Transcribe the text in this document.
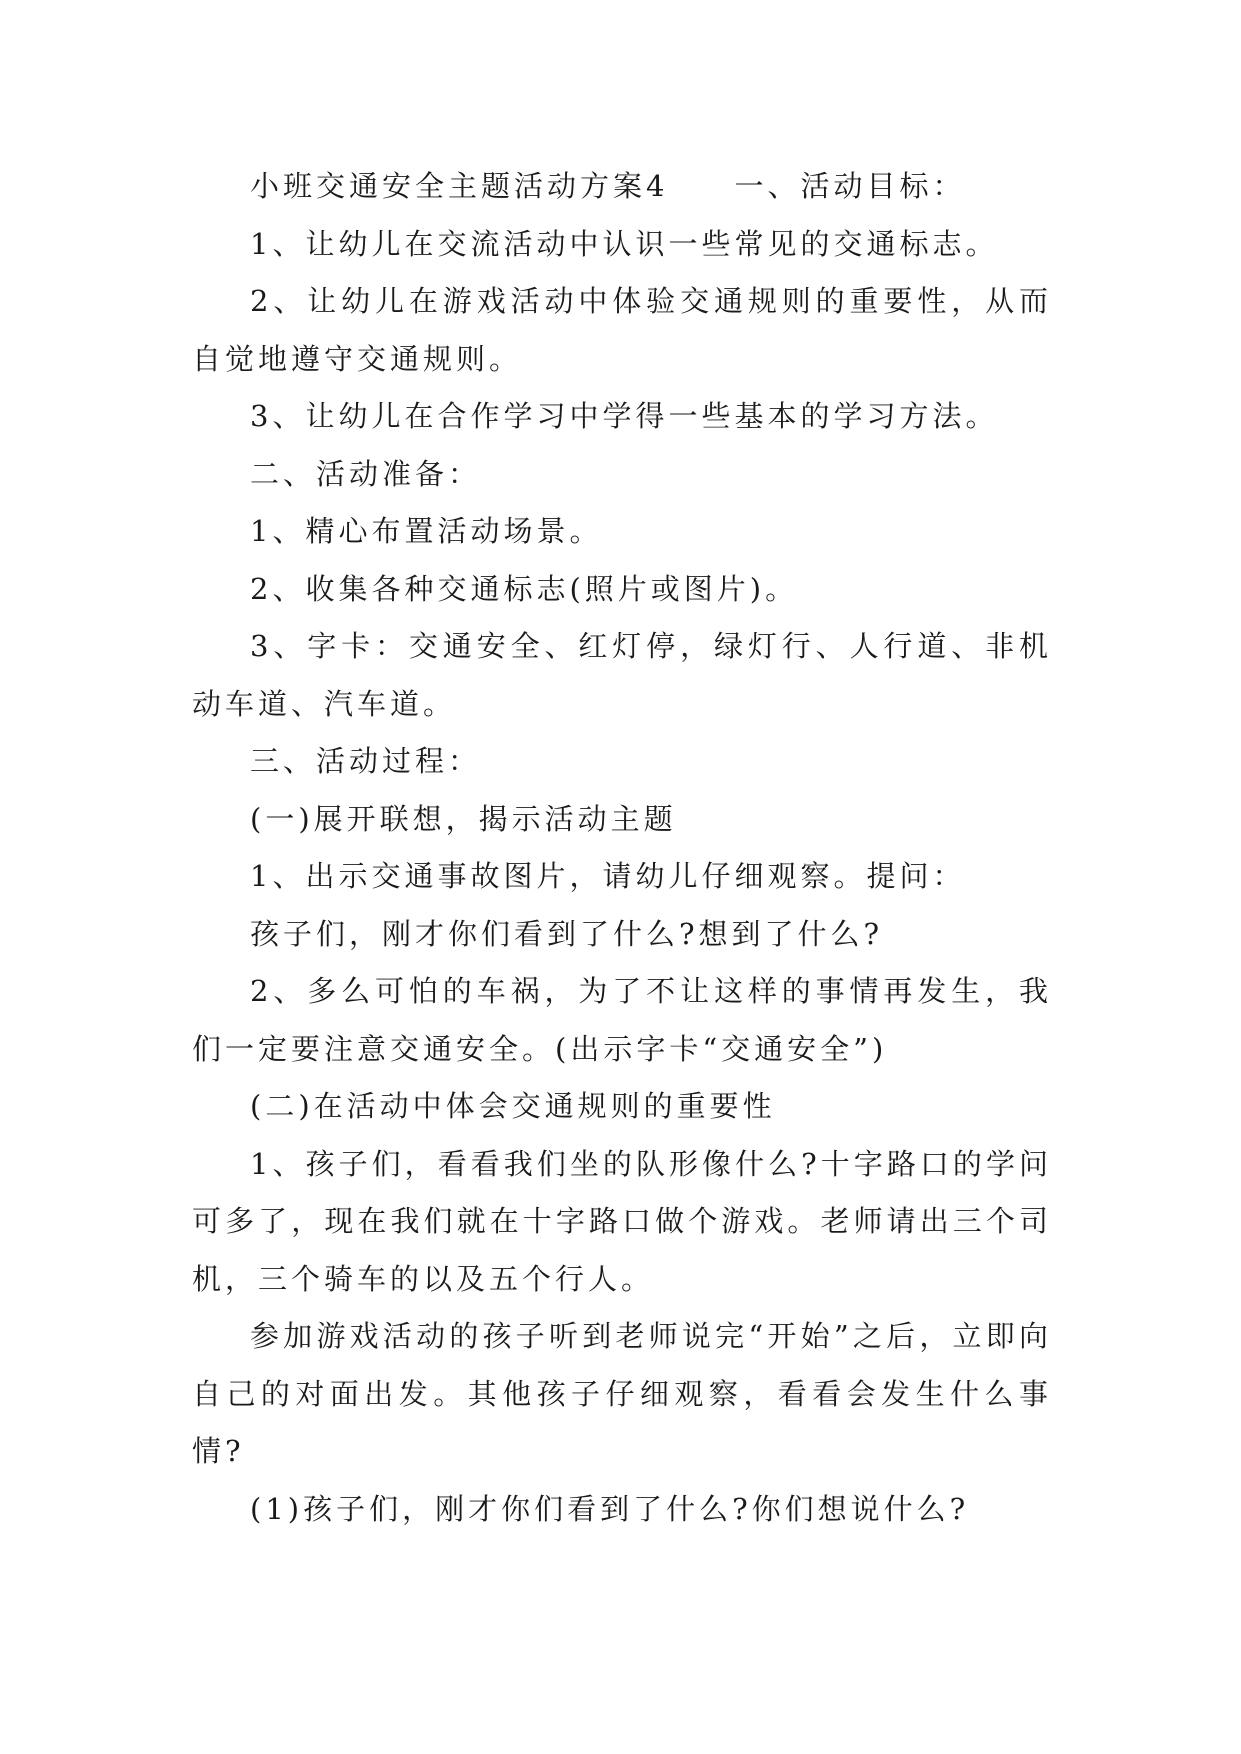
小班交通安全主题活动方案4　　一、活动目标：

1、让幼儿在交流活动中认识一些常见的交通标志。

2、让幼儿在游戏活动中体验交通规则的重要性，从而自觉地遵守交通规则。

3、让幼儿在合作学习中学得一些基本的学习方法。

二、活动准备：

1、精心布置活动场景。

2、收集各种交通标志(照片或图片)。

3、字卡：交通安全、红灯停，绿灯行、人行道、非机动车道、汽车道。

三、活动过程：

(一)展开联想，揭示活动主题

1、出示交通事故图片，请幼儿仔细观察。提问：

孩子们，刚才你们看到了什么?想到了什么?

2、多么可怕的车祸，为了不让这样的事情再发生，我们一定要注意交通安全。(出示字卡“交通安全”)

(二)在活动中体会交通规则的重要性

1、孩子们，看看我们坐的队形像什么?十字路口的学问可多了，现在我们就在十字路口做个游戏。老师请出三个司机，三个骑车的以及五个行人。

参加游戏活动的孩子听到老师说完“开始”之后，立即向自己的对面出发。其他孩子仔细观察，看看会发生什么事情?

(1)孩子们，刚才你们看到了什么?你们想说什么?
